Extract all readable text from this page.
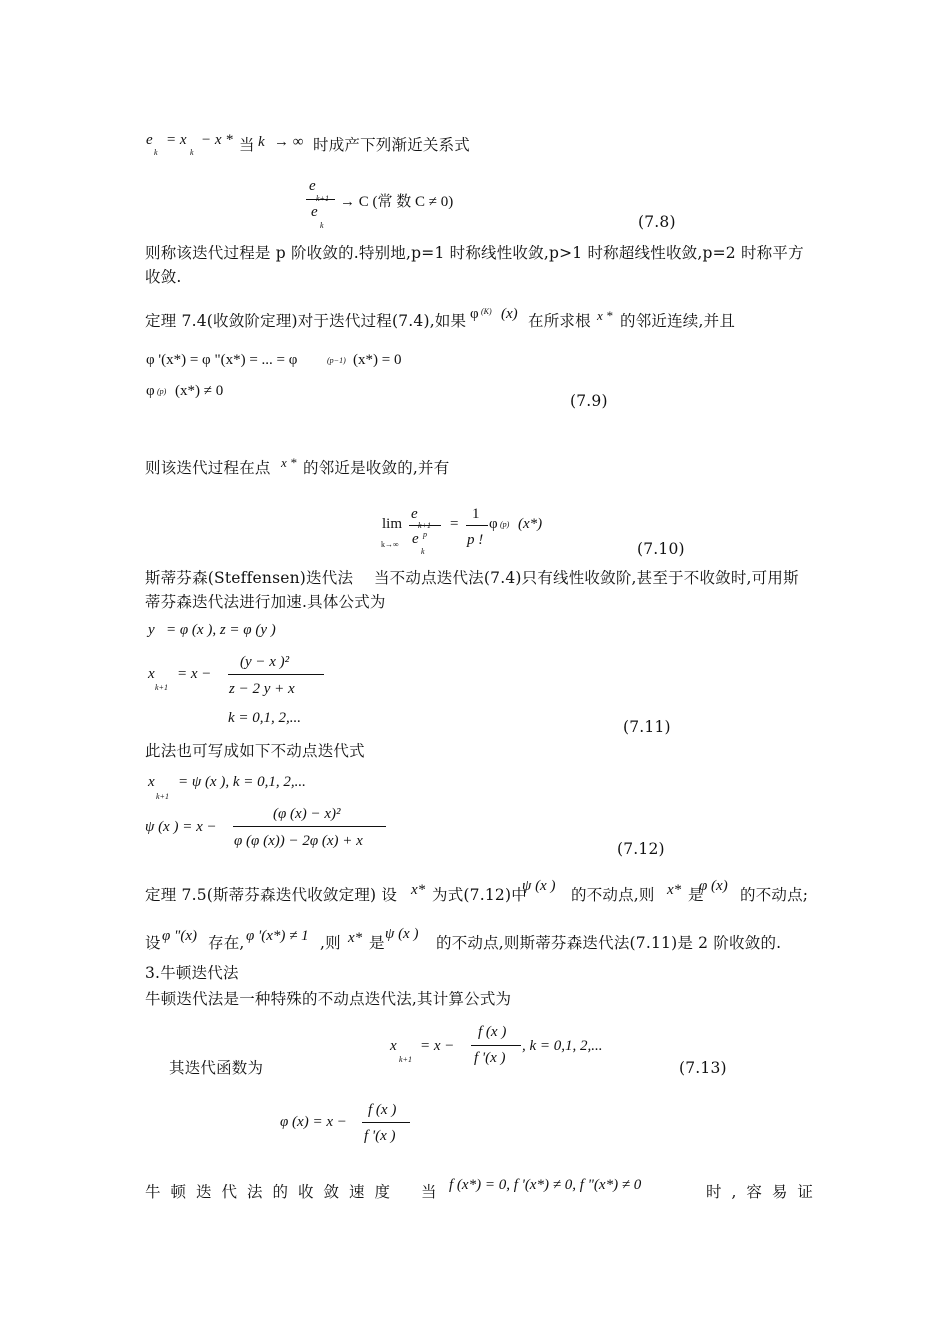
e
k
= x
k
− x * 当 k → ∞ 时成产下列渐近关系式
e
e
k
→ C (常 数 C ≠ 0)
(7.8)
则称该迭代过程是 p 阶收敛的.特别地,p=1 时称线性收敛,p>1 时称超线性收敛,p=2 时称平方
收敛.
定理 7.4(收敛阶定理)对于迭代过程(7.4),如果 φ (K) (x) 在所求根 x * 的邻近连续,并且
φ '(x*) = φ "(x*) = ... = φ	(p−1) (x*) = 0
φ (p) (x*) ≠ 0
(7.9)
则该迭代过程在点 x * 的邻近是收敛的,并有
lim
k→∞
e
e p
k
=
1
p !
φ (p) (x*)
(7.10)
斯蒂芬森(Steffensen)迭代法　 当不动点迭代法(7.4)只有线性收敛阶,甚至于不收敛时,可用斯
蒂芬森迭代法进行加速.具体公式为
y = φ (x ), z = φ (y )
x
k+1
= x −
(y − x )²
z − 2 y + x
k = 0,1, 2,...	(7.11)
此法也可写成如下不动点迭代式
x
k+1
= ψ (x ), k = 0,1, 2,...
ψ (x ) = x −
(φ (x) − x)²
φ (φ (x)) − 2φ (x) + x	(7.12)
定理 7.5(斯蒂芬森迭代收敛定理) 设 x* 为式(7.12)中
ψ (x ) 的不动点,则 x* 是
φ (x) 的不动点;
设 φ "(x) 存在, φ '(x*) ≠ 1 ,则 x* 是 ψ (x ) 的不动点,则斯蒂芬森迭代法(7.11)是 2 阶收敛的.
3.牛顿迭代法
牛顿迭代法是一种特殊的不动点迭代法,其计算公式为
其迭代函数为
x
k+1
= x −
f (x )
f '(x )
, k = 0,1, 2,...
(7.13)
φ (x) = x −
f (x )
f '(x )
牛顿迭代法的收敛速度 当 f (x*) = 0, f '(x*) ≠ 0, f "(x*) ≠ 0	时,容易证
